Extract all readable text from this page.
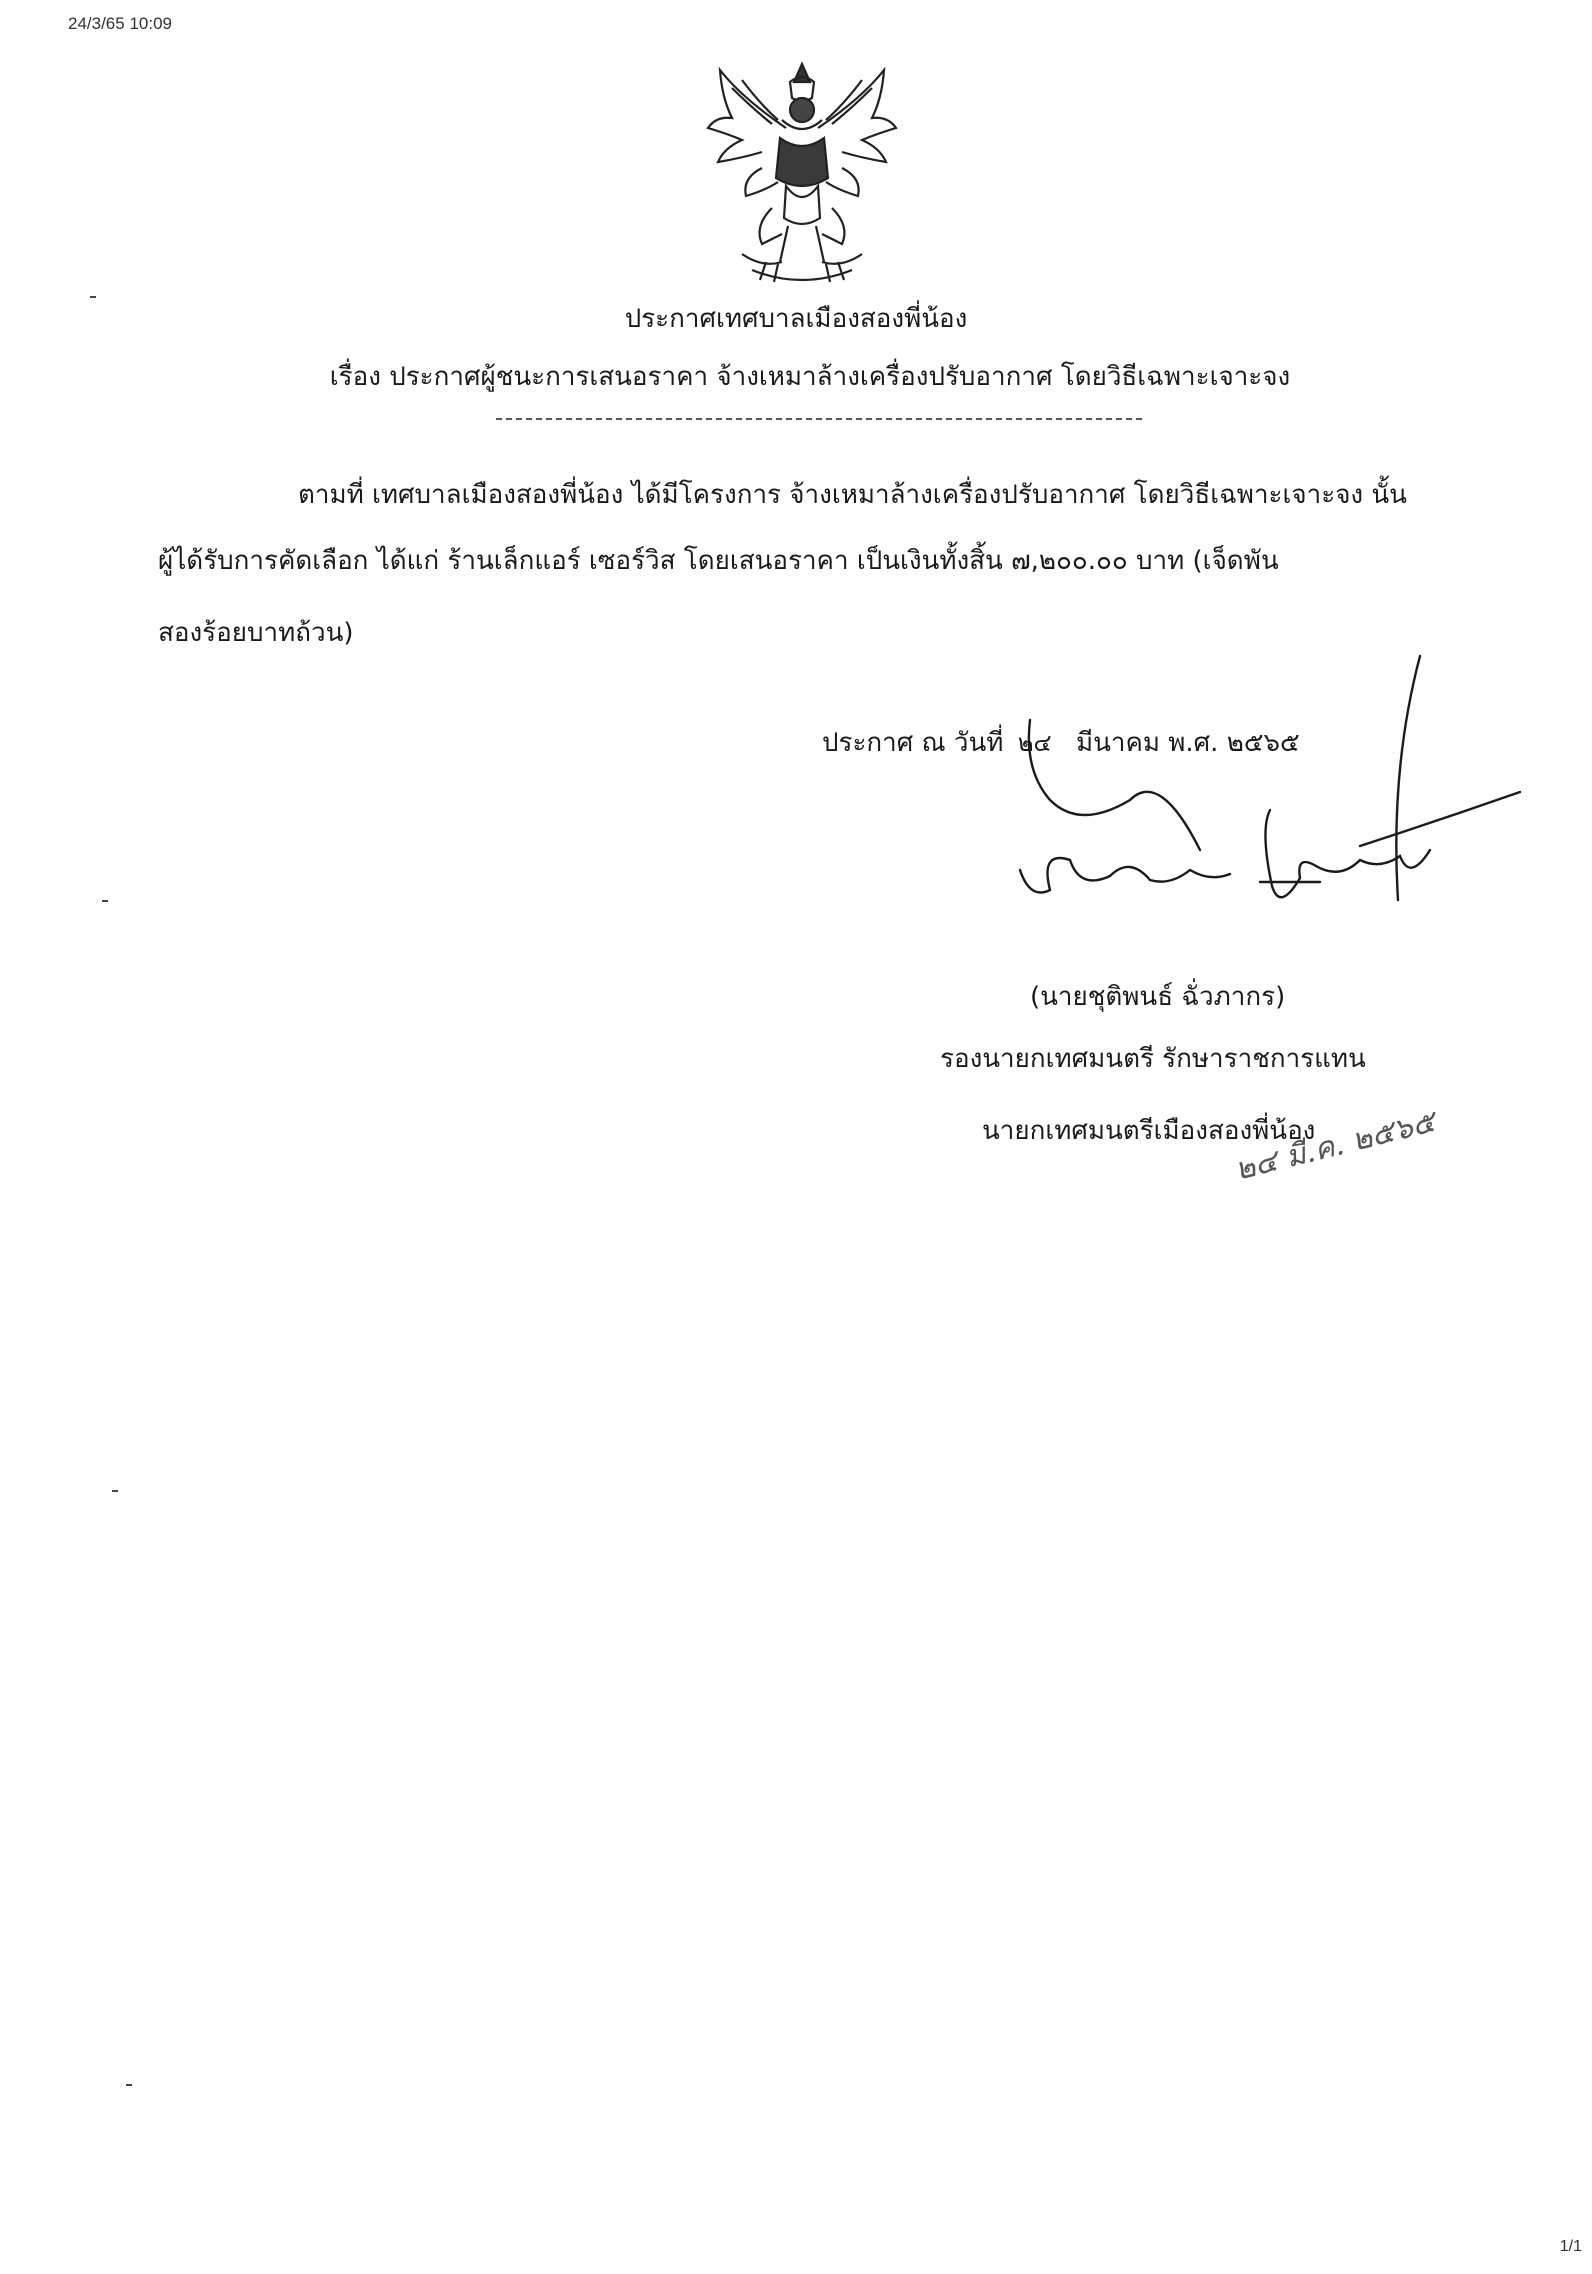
24/3/65 10:09
ประกาศเทศบาลเมืองสองพี่น้อง
เรื่อง ประกาศผู้ชนะการเสนอราคา จ้างเหมาล้างเครื่องปรับอากาศ โดยวิธีเฉพาะเจาะจง
ตามที่ เทศบาลเมืองสองพี่น้อง ได้มีโครงการ จ้างเหมาล้างเครื่องปรับอากาศ โดยวิธีเฉพาะเจาะจง นั้น
ผู้ได้รับการคัดเลือก ได้แก่ ร้านเล็กแอร์ เซอร์วิส โดยเสนอราคา เป็นเงินทั้งสิ้น ๗,๒๐๐.๐๐ บาท (เจ็ดพัน
สองร้อยบาทถ้วน)
ประกาศ ณ วันที่ ๒๔ มีนาคม พ.ศ. ๒๕๖๕
(นายชุติพนธ์ ฉั่วภากร)
รองนายกเทศมนตรี รักษาราชการแทน
นายกเทศมนตรีเมืองสองพี่น้อง
๒๔ มี.ค. ๒๕๖๕
1/1
